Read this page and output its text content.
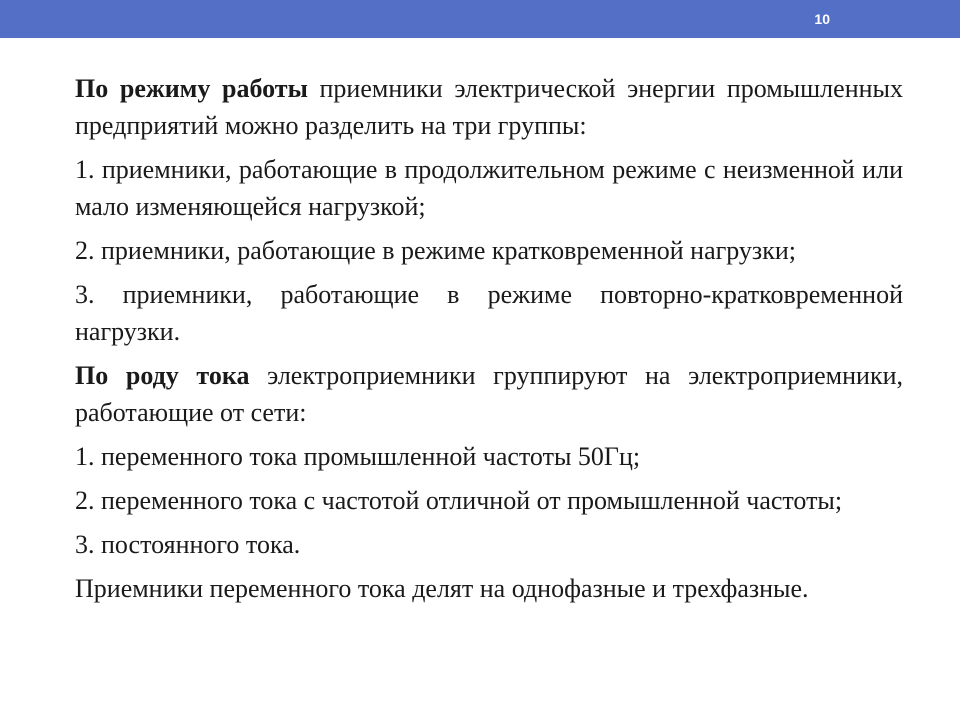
10

По режиму работы приемники электрической энергии промышленных предприятий можно разделить на три группы:

1. приемники, работающие в продолжительном режиме с неизменной или мало изменяющейся нагрузкой;

2. приемники, работающие в режиме кратковременной нагрузки;

3. приемники, работающие в режиме повторно-кратковременной нагрузки.

По роду тока электроприемники группируют на электроприемники, работающие от сети:

1. переменного тока промышленной частоты 50Гц;

2. переменного тока с частотой отличной от промышленной частоты;

3. постоянного тока.

Приемники переменного тока делят на однофазные и трехфазные.
